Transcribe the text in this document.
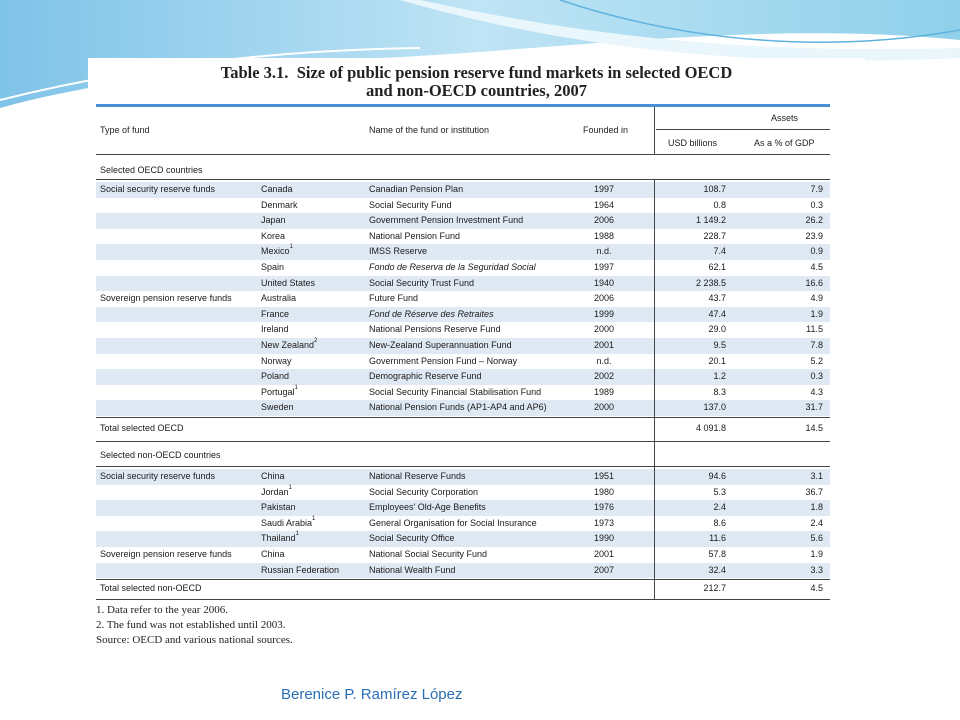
Table 3.1. Size of public pension reserve fund markets in selected OECD
and non-OECD countries, 2007
Type of fund	Name of the fund or institution	Founded in
Assets
USD billions	As a % of GDP
Selected OECD countries
Social security reserve funds	Canada	Canadian Pension Plan	1997	108.7	7.9
Denmark	Social Security Fund	1964	0.8	0.3
Japan	Government Pension Investment Fund	2006	1 149.2	26.2
Korea	National Pension Fund	1988	228.7	23.9
Mexico$^1$	IMSS Reserve	n.d.	7.4	0.9
Spain	Fondo de Reserva de la Seguridad Social	1997	62.1	4.5
United States	Social Security Trust Fund	1940	2 238.5	16.6
Sovereign pension reserve funds	Australia	Future Fund	2006	43.7	4.9
France	Fond de Réserve des Retraites	1999	47.4	1.9
Ireland	National Pensions Reserve Fund	2000	29.0	11.5
New Zealand$^2$	New-Zealand Superannuation Fund	2001	9.5	7.8
Norway	Government Pension Fund – Norway	n.d.	20.1	5.2
Poland	Demographic Reserve Fund	2002	1.2	0.3
Portugal$^1$	Social Security Financial Stabilisation Fund	1989	8.3	4.3
Sweden	National Pension Funds (AP1-AP4 and AP6)	2000	137.0	31.7
Total selected OECD	4 091.8	14.5
Selected non-OECD countries
Social security reserve funds	China	National Reserve Funds	1951	94.6	3.1
Jordan$^1$	Social Security Corporation	1980	5.3	36.7
Pakistan	Employees' Old-Age Benefits	1976	2.4	1.8
Saudi Arabia$^1$	General Organisation for Social Insurance	1973	8.6	2.4
Thailand$^1$	Social Security Office	1990	11.6	5.6
Sovereign pension reserve funds	China	National Social Security Fund	2001	57.8	1.9
Russian Federation	National Wealth Fund	2007	32.4	3.3
Total selected non-OECD	212.7	4.5
1. Data refer to the year 2006.
2. The fund was not established until 2003.
Source: OECD and various national sources.
Berenice P. Ramírez López
